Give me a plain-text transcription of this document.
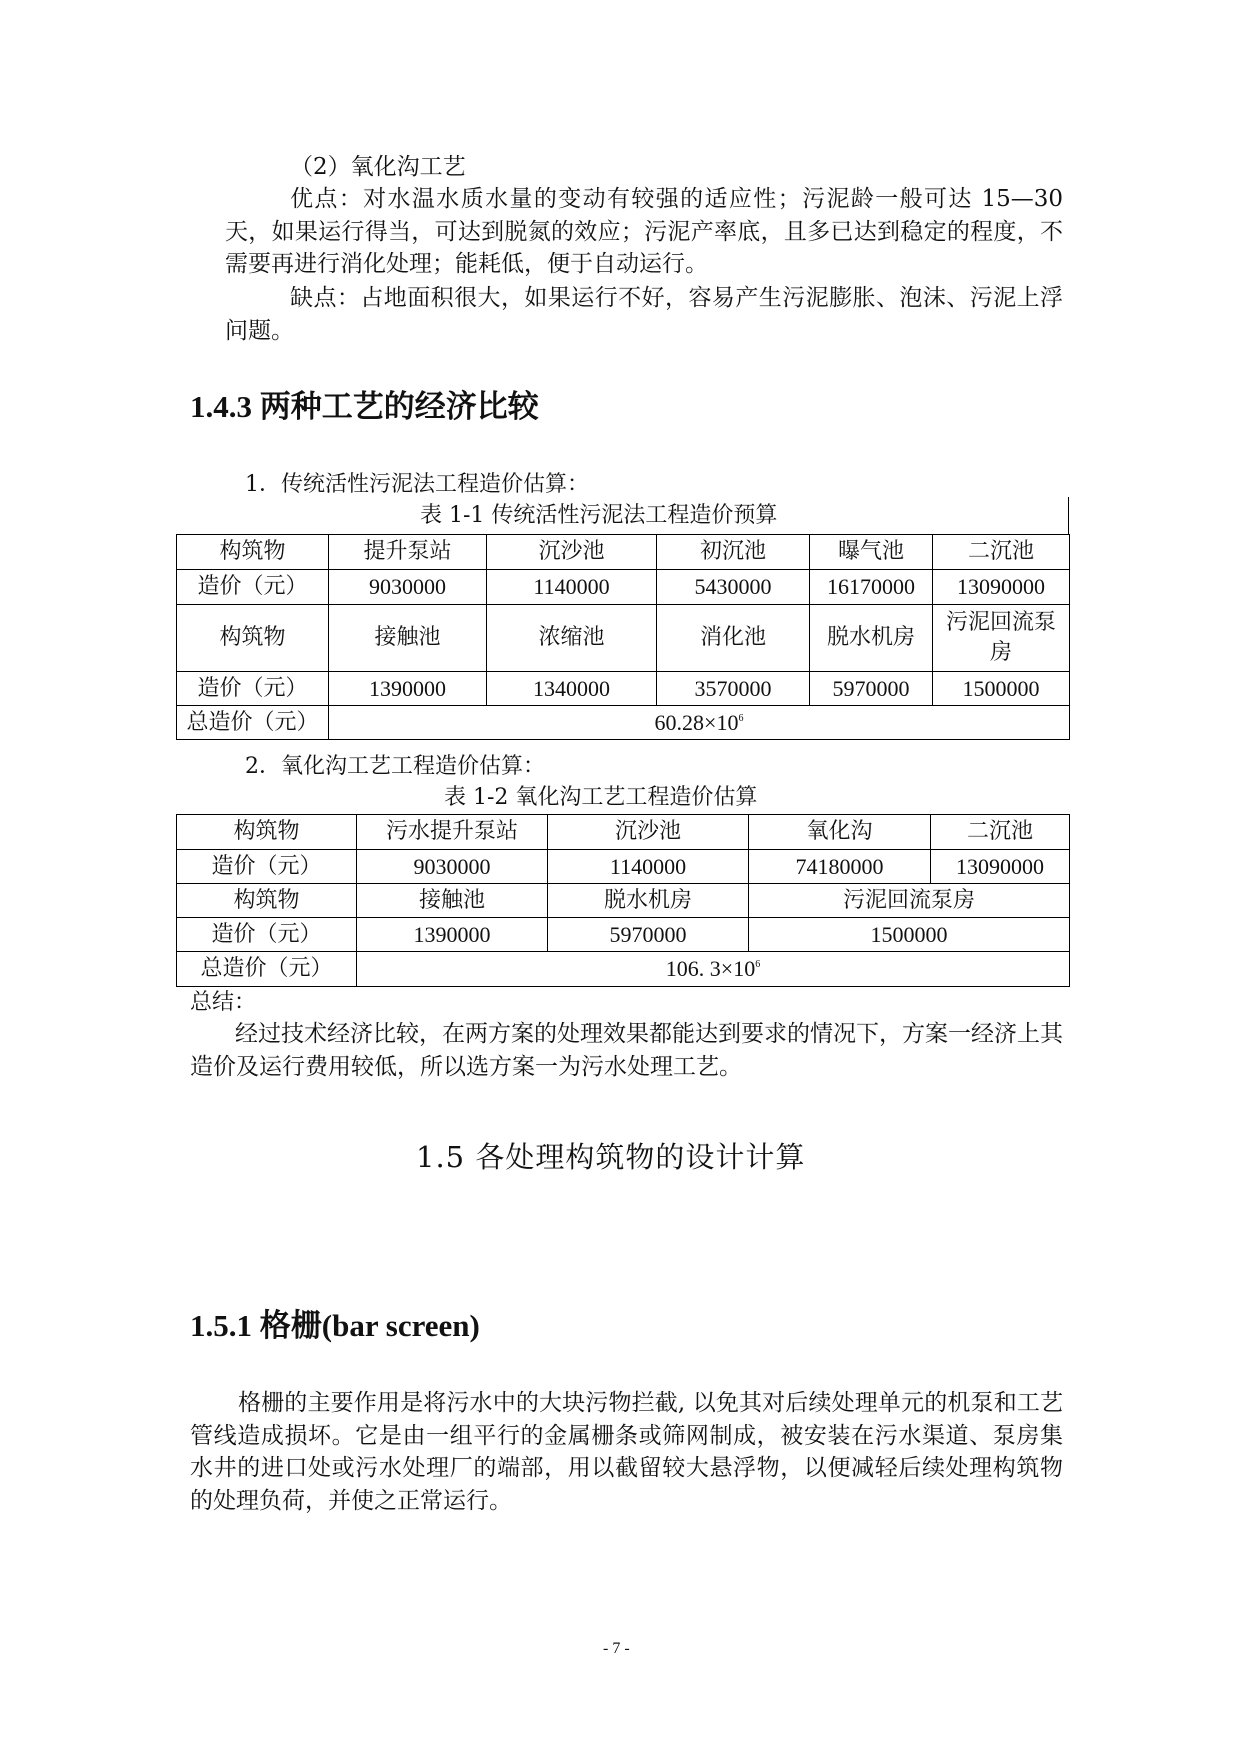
（2）氧化沟工艺
优点：对水温水质水量的变动有较强的适应性；污泥龄一般可达 15—30 天，如果运行得当，可达到脱氮的效应；污泥产率底，且多已达到稳定的程度，不需要再进行消化处理；能耗低，便于自动运行。
缺点：占地面积很大，如果运行不好，容易产生污泥膨胀、泡沫、污泥上浮问题。
1.4.3 两种工艺的经济比较
1．传统活性污泥法工程造价估算：
表 1-1 传统活性污泥法工程造价预算
构筑物	提升泵站	沉沙池	初沉池	曝气池	二沉池
造价（元）	9030000	1140000	5430000	16170000	13090000
构筑物	接触池	浓缩池	消化池	脱水机房	污泥回流泵房
造价（元）	1390000	1340000	3570000	5970000	1500000
总造价（元）	$60.28\times 10^6$
2．氧化沟工艺工程造价估算：
表 1-2 氧化沟工艺工程造价估算
构筑物	污水提升泵站	沉沙池	氧化沟	二沉池
造价（元）	9030000	1140000	74180000	13090000
构筑物	接触池	脱水机房	污泥回流泵房	
造价（元）	1390000	5970000	1500000	
总造价（元）	106. $3\times 10^6$
总结：
经过技术经济比较，在两方案的处理效果都能达到要求的情况下，方案一经济上其造价及运行费用较低，所以选方案一为污水处理工艺。
1.5 各处理构筑物的设计计算
1.5.1 格栅(bar screen)
格栅的主要作用是将污水中的大块污物拦截, 以免其对后续处理单元的机泵和工艺管线造成损坏。它是由一组平行的金属栅条或筛网制成，被安装在污水渠道、泵房集水井的进口处或污水处理厂的端部，用以截留较大悬浮物，以便减轻后续处理构筑物的处理负荷，并使之正常运行。
- 7 -
